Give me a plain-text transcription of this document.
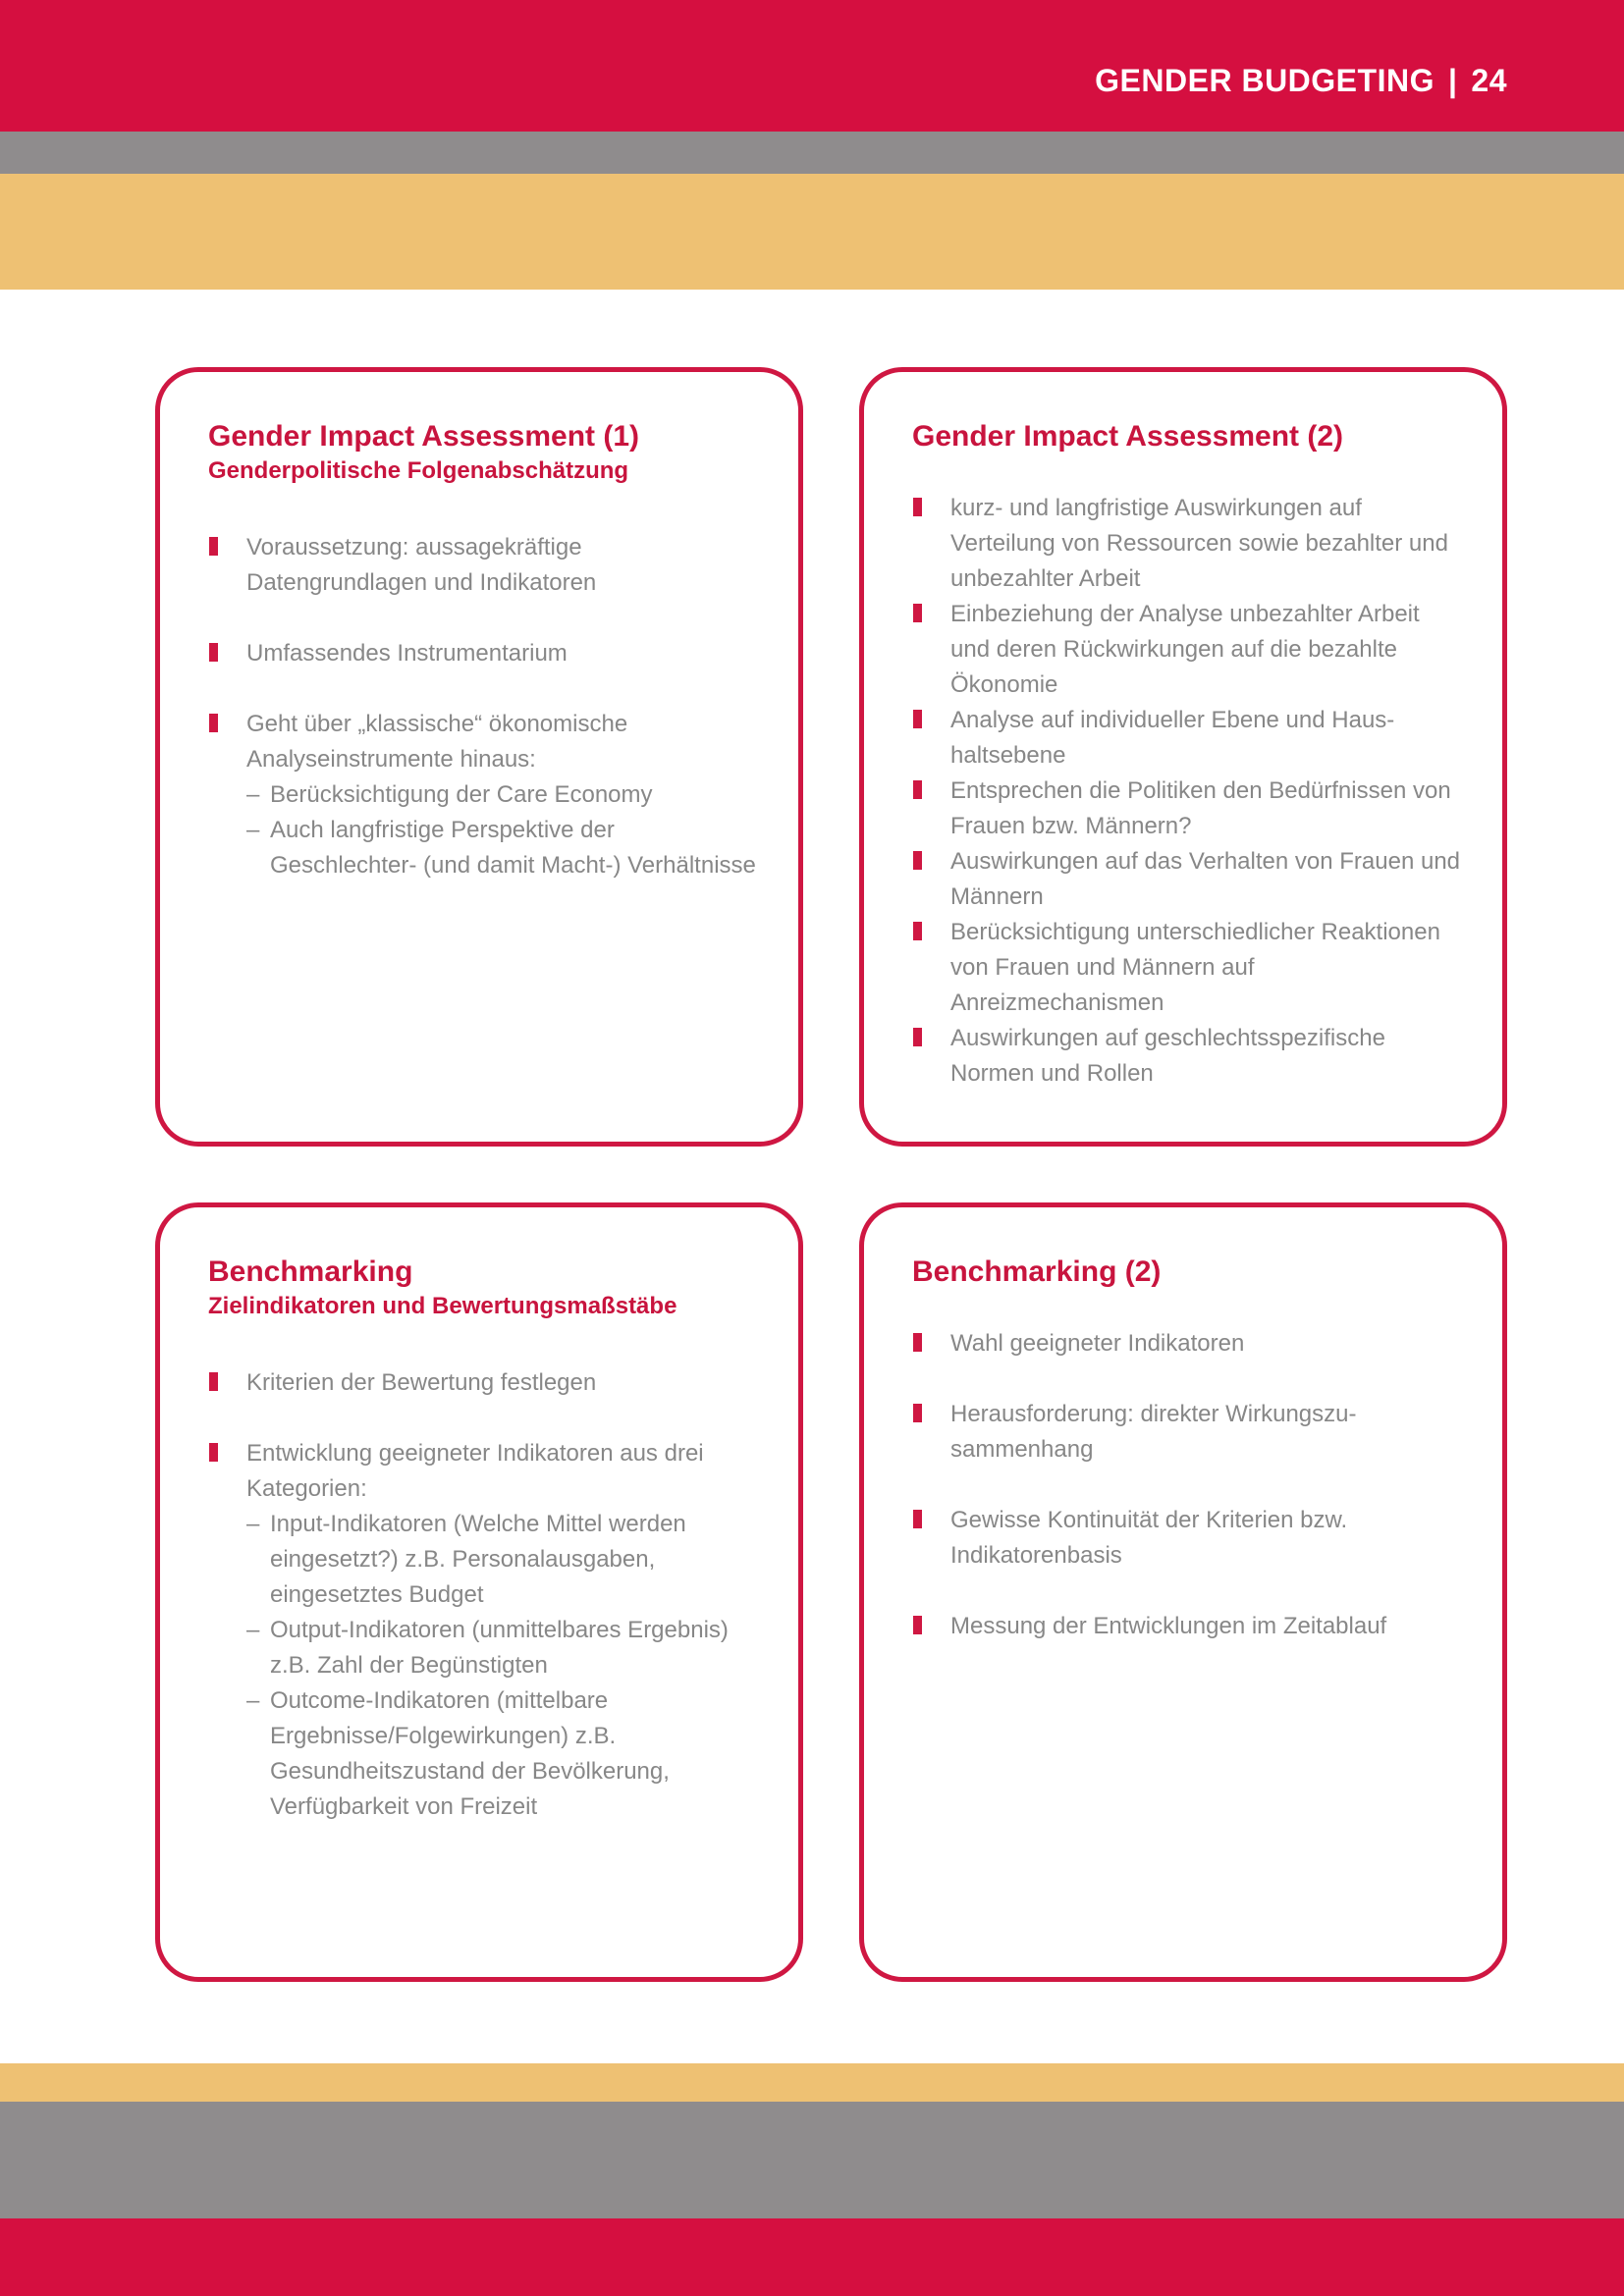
GENDER BUDGETING | 24
Gender Impact Assessment (1)
Genderpolitische Folgenabschätzung
Voraussetzung: aussagekräftige Datengrundlagen und Indikatoren
Umfassendes Instrumentarium
Geht über „klassische“ ökonomische Analyseinstrumente hinaus:
– Berücksichtigung der Care Economy
– Auch langfristige Perspektive der Geschlechter- (und damit Macht-) Verhältnisse
Gender Impact Assessment (2)
kurz- und langfristige Auswirkungen auf Verteilung von Ressourcen sowie bezahlter und unbezahlter Arbeit
Einbeziehung der Analyse unbezahlter Arbeit und deren Rückwirkungen auf die bezahlte Ökonomie
Analyse auf individueller Ebene und Haus-haltsebene
Entsprechen die Politiken den Bedürfnissen von Frauen bzw. Männern?
Auswirkungen auf das Verhalten von Frauen und Männern
Berücksichtigung unterschiedlicher Reaktionen von Frauen und Männern auf Anreizmechanismen
Auswirkungen auf geschlechtsspezifische Normen und Rollen
Benchmarking
Zielindikatoren und Bewertungsmaßstäbe
Kriterien der Bewertung festlegen
Entwicklung geeigneter Indikatoren aus drei Kategorien:
– Input-Indikatoren (Welche Mittel werden eingesetzt?) z.B. Personalausgaben, eingesetztes Budget
– Output-Indikatoren (unmittelbares Ergebnis) z.B. Zahl der Begünstigten
– Outcome-Indikatoren (mittelbare Ergebnisse/Folgewirkungen) z.B. Gesundheitszustand der Bevölkerung, Verfügbarkeit von Freizeit
Benchmarking (2)
Wahl geeigneter Indikatoren
Herausforderung: direkter Wirkungszu-sammenhang
Gewisse Kontinuität der Kriterien bzw. Indikatorenbasis
Messung der Entwicklungen im Zeitablauf
